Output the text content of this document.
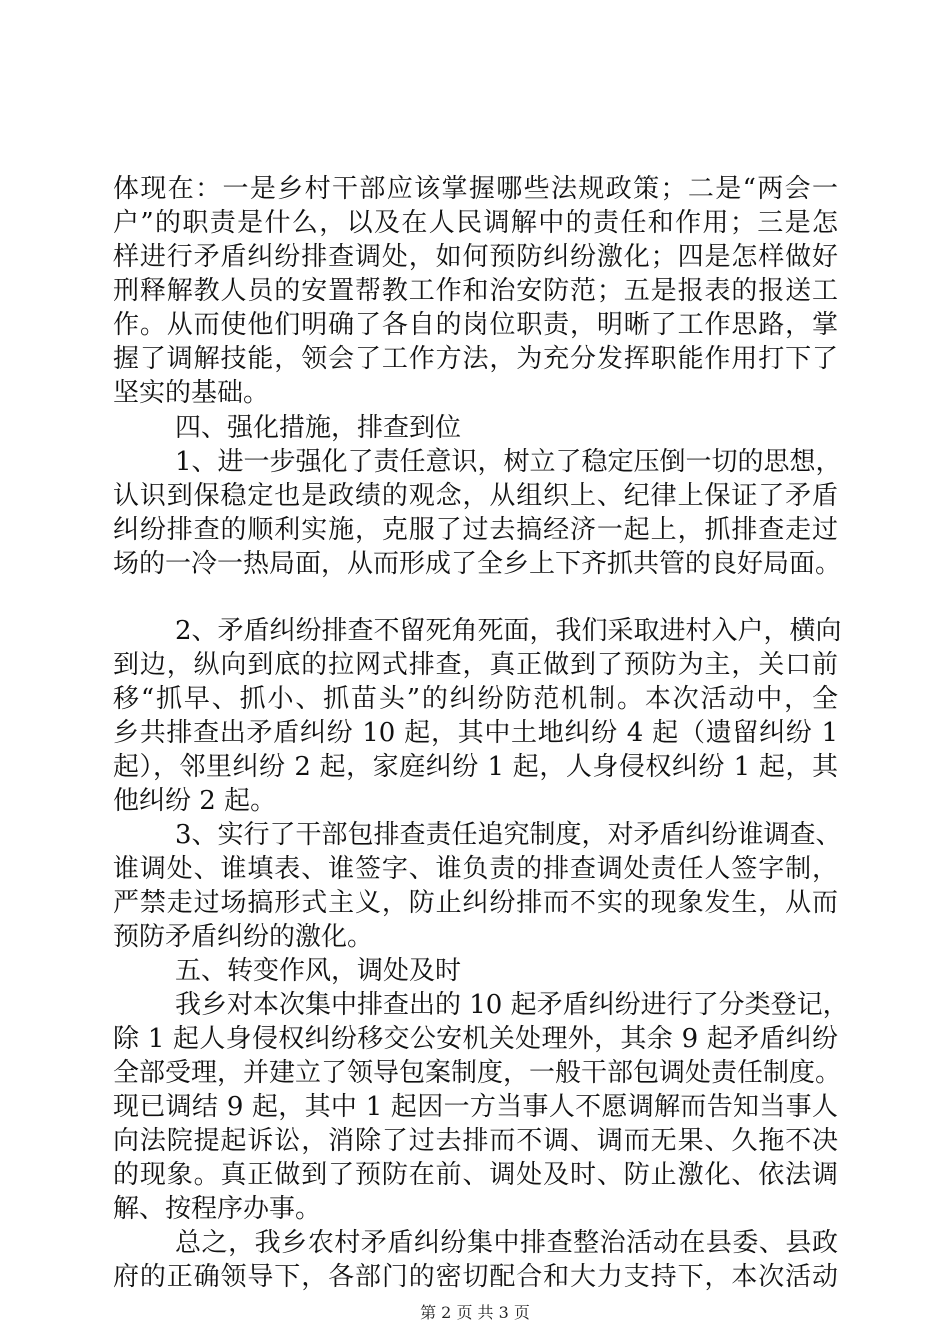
体现在：一是乡村干部应该掌握哪些法规政策；二是“两会一
户”的职责是什么，以及在人民调解中的责任和作用；三是怎
样进行矛盾纠纷排查调处，如何预防纠纷激化；四是怎样做好
刑释解教人员的安置帮教工作和治安防范；五是报表的报送工
作。从而使他们明确了各自的岗位职责，明晰了工作思路，掌
握了调解技能，领会了工作方法，为充分发挥职能作用打下了
坚实的基础。
四、强化措施，排查到位
1、进一步强化了责任意识，树立了稳定压倒一切的思想，
认识到保稳定也是政绩的观念，从组织上、纪律上保证了矛盾
纠纷排查的顺利实施，克服了过去搞经济一起上，抓排查走过
场的一冷一热局面，从而形成了全乡上下齐抓共管的良好局面。
2、矛盾纠纷排查不留死角死面，我们采取进村入户，横向
到边，纵向到底的拉网式排查，真正做到了预防为主，关口前
移“抓早、抓小、抓苗头”的纠纷防范机制。本次活动中，全
乡共排查出矛盾纠纷 10 起，其中土地纠纷 4 起（遗留纠纷 1
起），邻里纠纷 2 起，家庭纠纷 1 起，人身侵权纠纷 1 起，其
他纠纷 2 起。
3、实行了干部包排查责任追究制度，对矛盾纠纷谁调查、
谁调处、谁填表、谁签字、谁负责的排查调处责任人签字制，
严禁走过场搞形式主义，防止纠纷排而不实的现象发生，从而
预防矛盾纠纷的激化。
五、转变作风，调处及时
我乡对本次集中排查出的 10 起矛盾纠纷进行了分类登记，
除 1 起人身侵权纠纷移交公安机关处理外，其余 9 起矛盾纠纷
全部受理，并建立了领导包案制度，一般干部包调处责任制度。
现已调结 9 起，其中 1 起因一方当事人不愿调解而告知当事人
向法院提起诉讼，消除了过去排而不调、调而无果、久拖不决
的现象。真正做到了预防在前、调处及时、防止激化、依法调
解、按程序办事。
总之，我乡农村矛盾纠纷集中排查整治活动在县委、县政
府的正确领导下，各部门的密切配合和大力支持下，本次活动
第 2 页 共 3 页
